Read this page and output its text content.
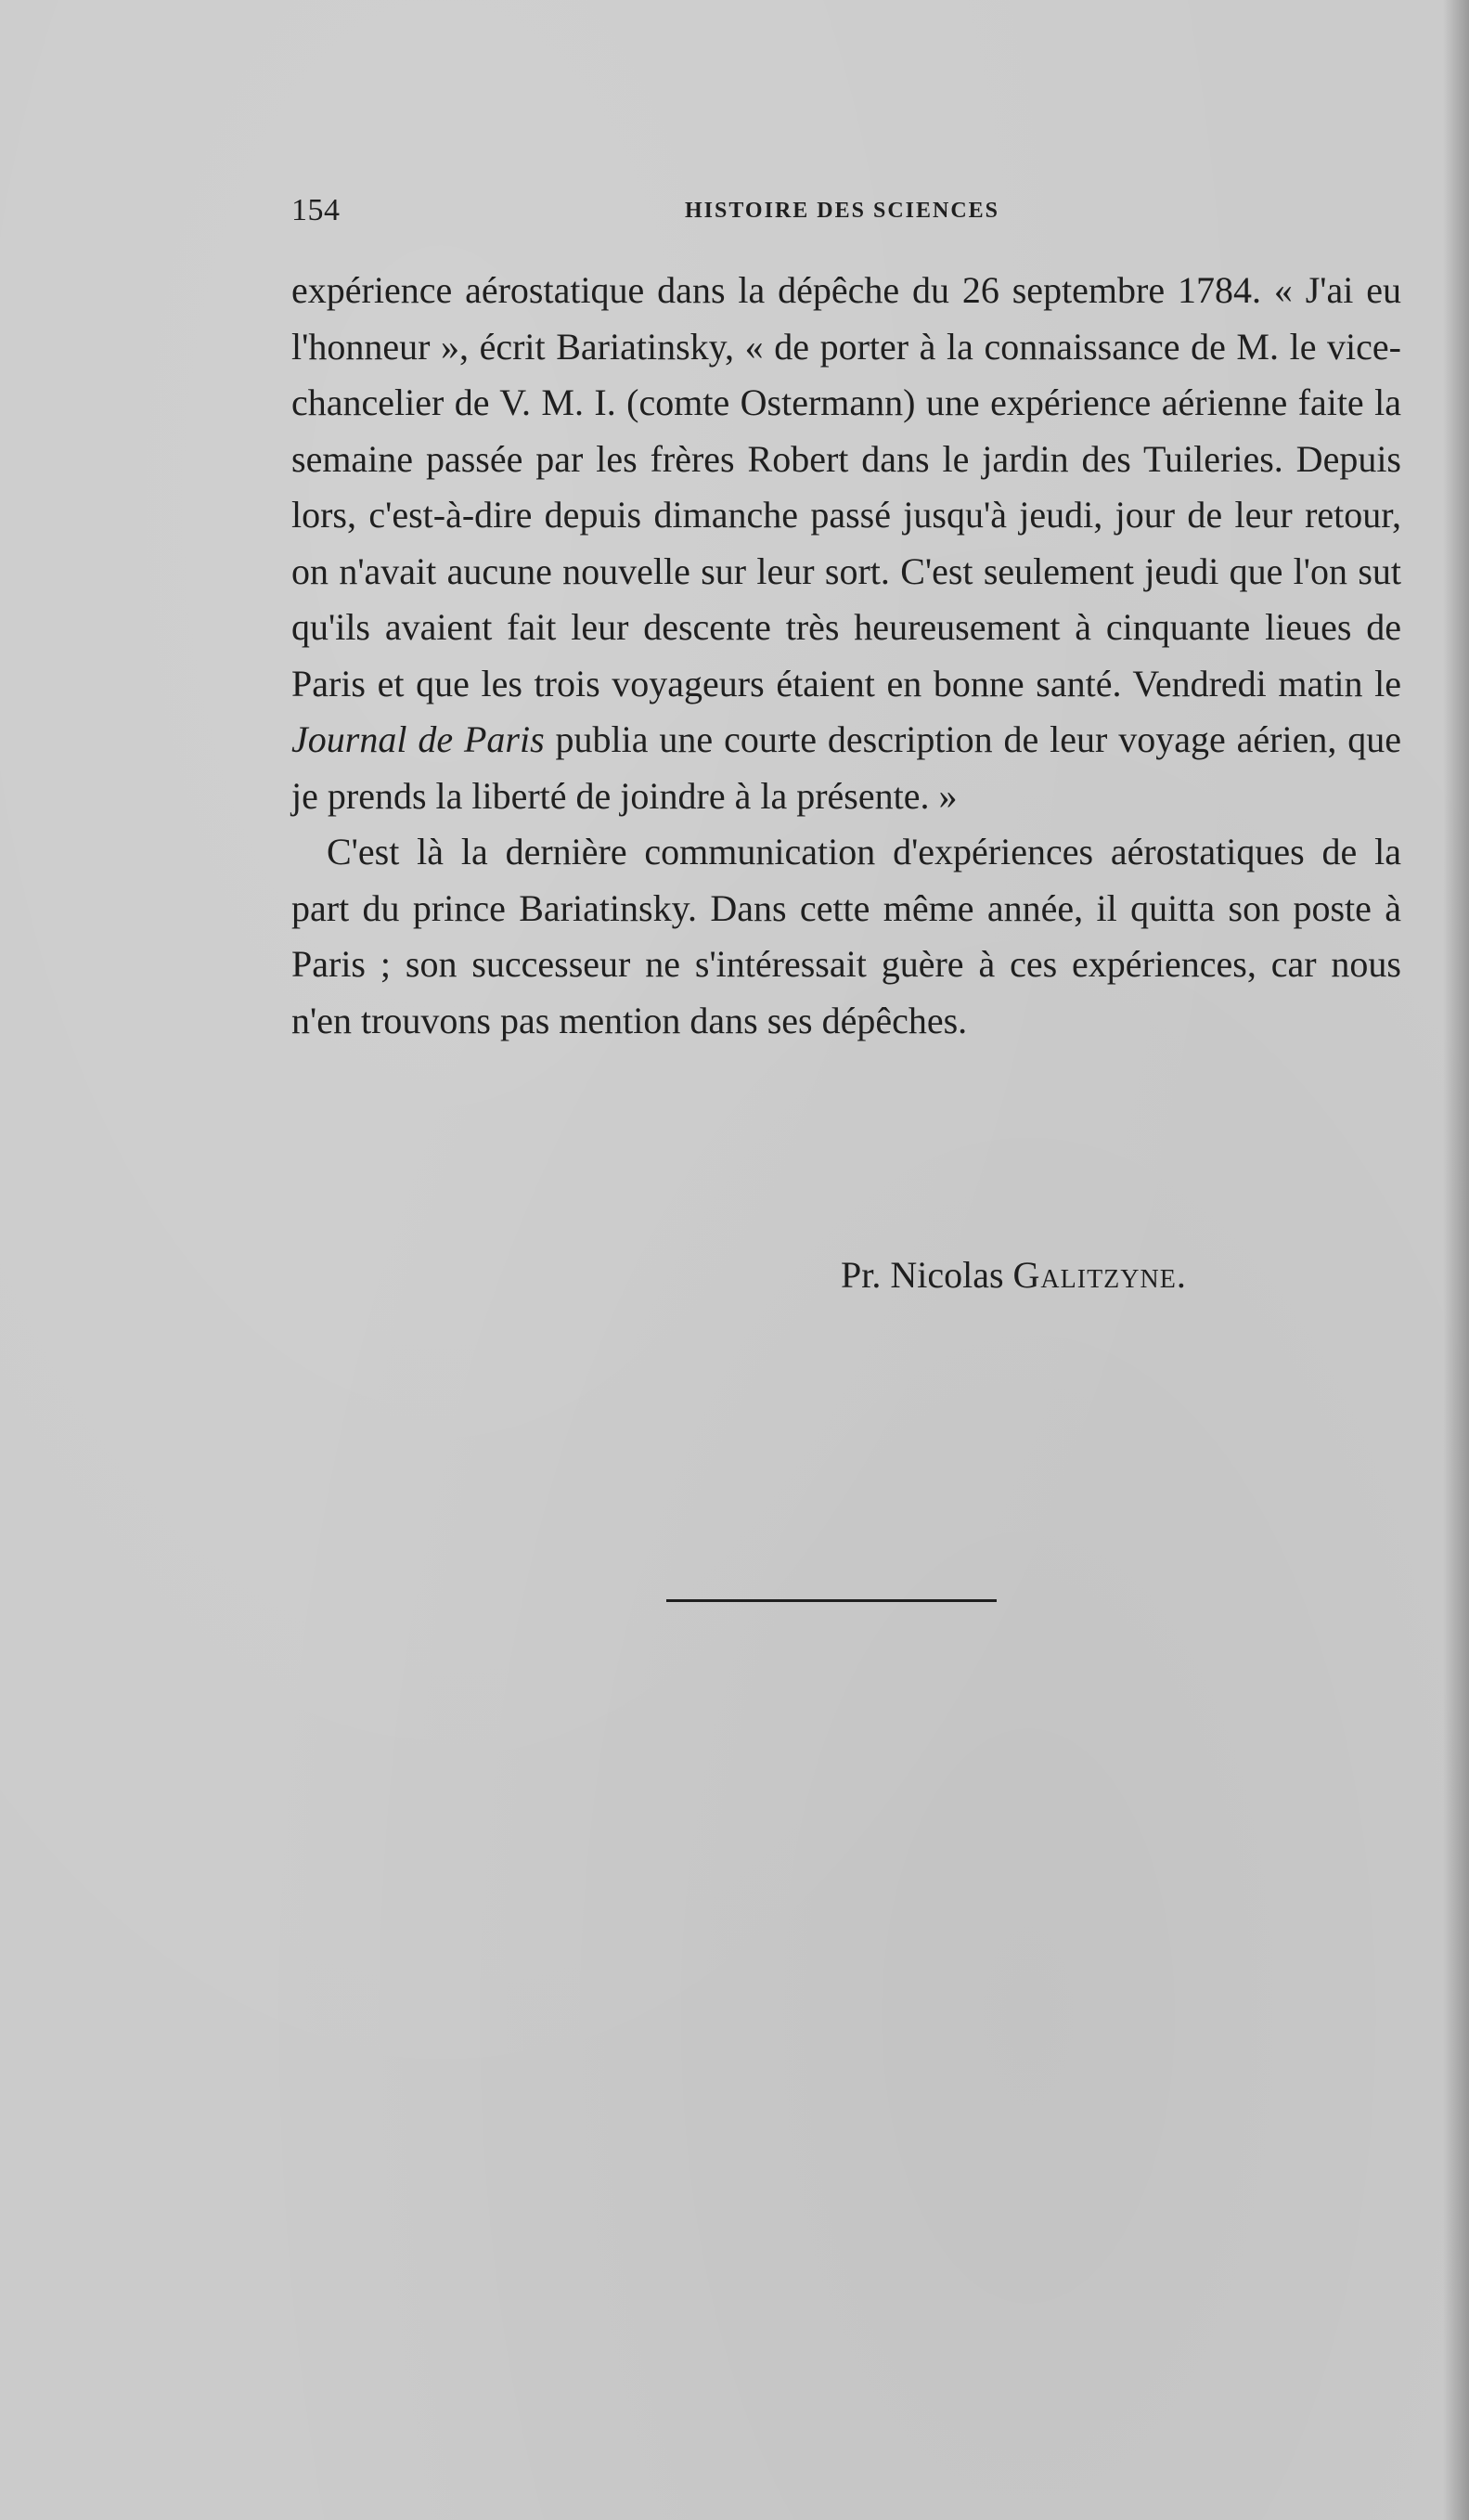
154	HISTOIRE DES SCIENCES

expérience aérostatique dans la dépêche du 26 septembre 1784. « J'ai eu l'honneur », écrit Bariatinsky, « de porter à la connaissance de M. le vice-chancelier de V. M. I. (comte Ostermann) une expérience aérienne faite la semaine passée par les frères Robert dans le jardin des Tuileries. Depuis lors, c'est-à-dire depuis dimanche passé jusqu'à jeudi, jour de leur retour, on n'avait aucune nouvelle sur leur sort. C'est seulement jeudi que l'on sut qu'ils avaient fait leur descente très heureusement à cinquante lieues de Paris et que les trois voyageurs étaient en bonne santé. Vendredi matin le Journal de Paris publia une courte description de leur voyage aérien, que je prends la liberté de joindre à la présente. »

C'est là la dernière communication d'expériences aérostatiques de la part du prince Bariatinsky. Dans cette même année, il quitta son poste à Paris ; son successeur ne s'intéressait guère à ces expériences, car nous n'en trouvons pas mention dans ses dépêches.

Pr. Nicolas Galitzyne.
